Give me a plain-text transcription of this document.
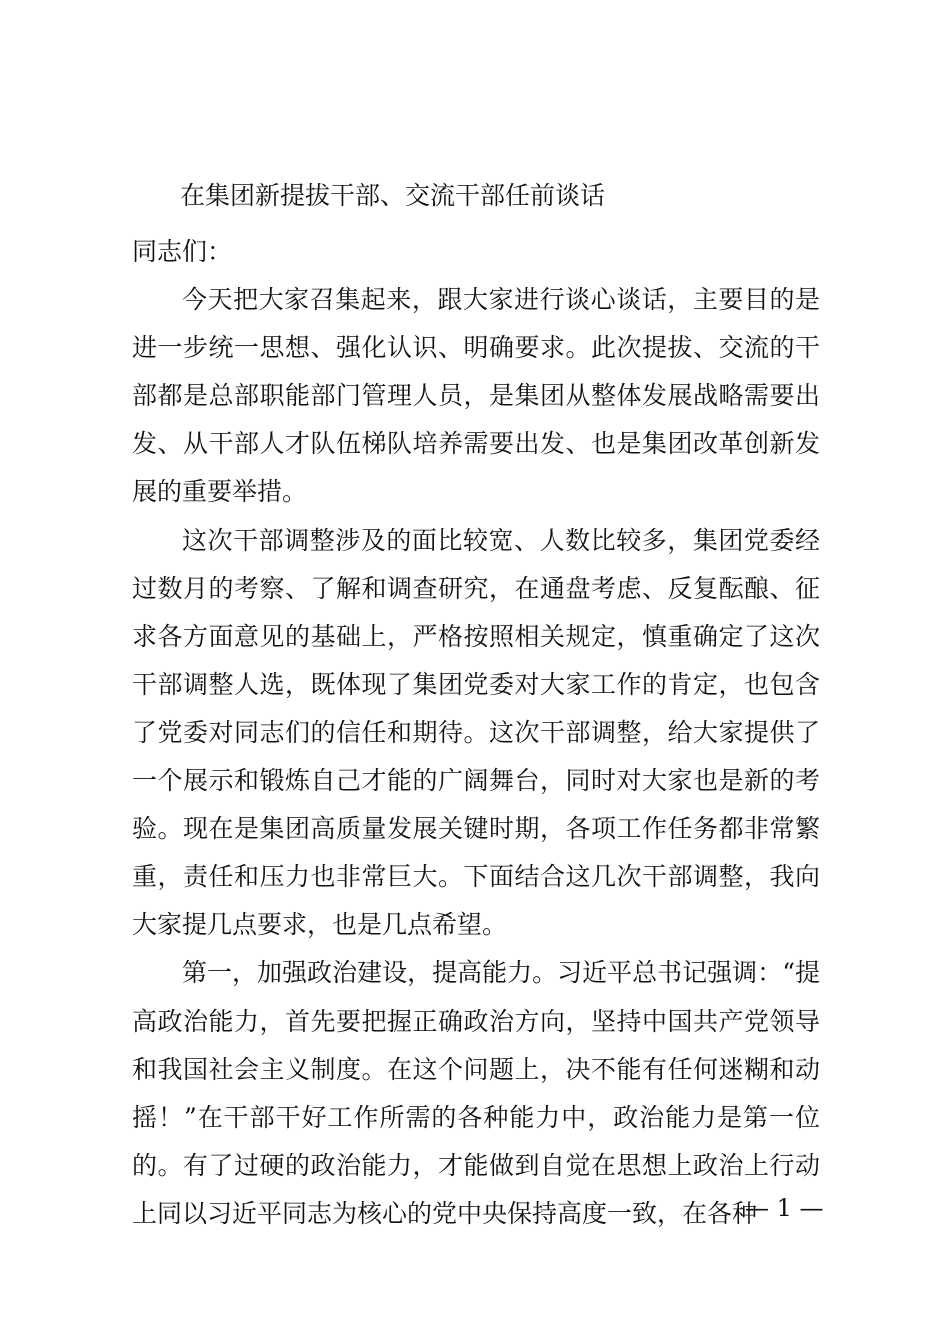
在集团新提拔干部、交流干部任前谈话

同志们：

今天把大家召集起来，跟大家进行谈心谈话，主要目的是进一步统一思想、强化认识、明确要求。此次提拔、交流的干部都是总部职能部门管理人员，是集团从整体发展战略需要出发、从干部人才队伍梯队培养需要出发、也是集团改革创新发展的重要举措。

这次干部调整涉及的面比较宽、人数比较多，集团党委经过数月的考察、了解和调查研究，在通盘考虑、反复酝酿、征求各方面意见的基础上，严格按照相关规定，慎重确定了这次干部调整人选，既体现了集团党委对大家工作的肯定，也包含了党委对同志们的信任和期待。这次干部调整，给大家提供了一个展示和锻炼自己才能的广阔舞台，同时对大家也是新的考验。现在是集团高质量发展关键时期，各项工作任务都非常繁重，责任和压力也非常巨大。下面结合这几次干部调整，我向大家提几点要求，也是几点希望。

第一，加强政治建设，提高能力。习近平总书记强调：“提高政治能力，首先要把握正确政治方向，坚持中国共产党领导和我国社会主义制度。在这个问题上，决不能有任何迷糊和动摇！”在干部干好工作所需的各种能力中，政治能力是第一位的。有了过硬的政治能力，才能做到自觉在思想上政治上行动上同以习近平同志为核心的党中央保持高度一致，在各种

— 1 —
